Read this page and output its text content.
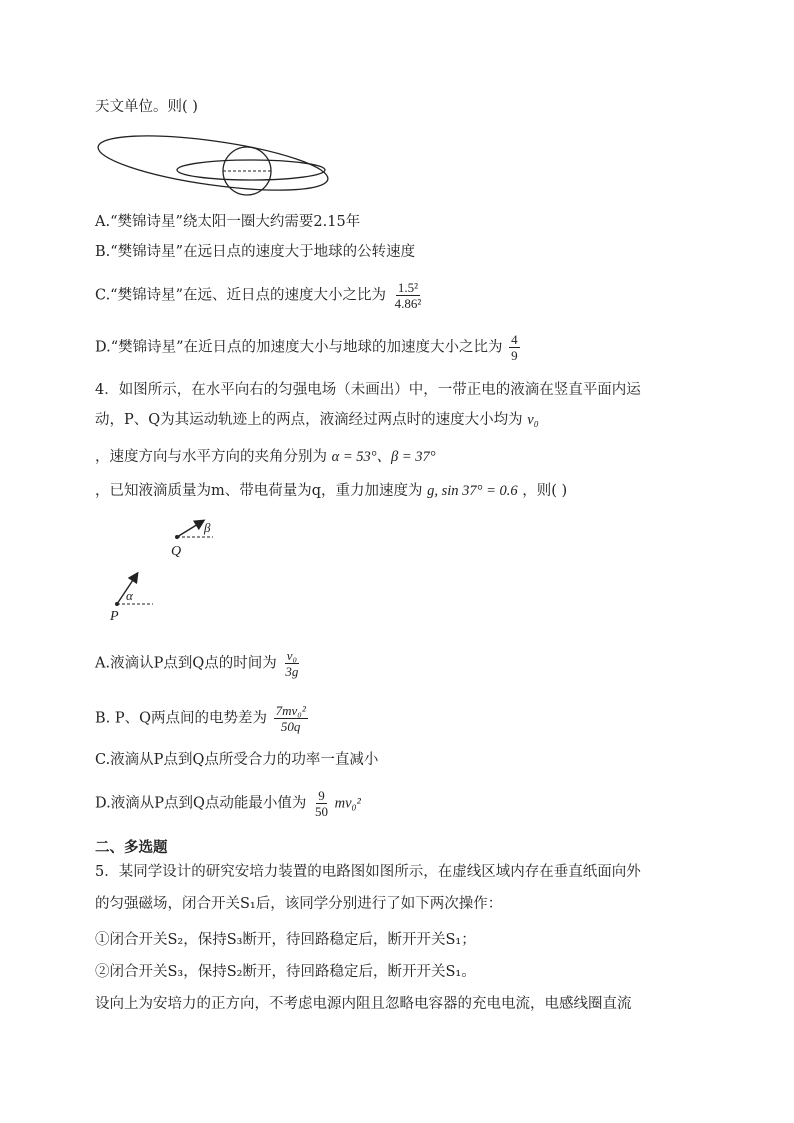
天文单位。则( )
A.“樊锦诗星”绕太阳一圈大约需要2.15年
B.“樊锦诗星”在远日点的速度大于地球的公转速度
C.“樊锦诗星”在远、近日点的速度大小之比为 $\frac{\text{1.5²}}{\text{4.86²}}$
D.“樊锦诗星”在近日点的加速度大小与地球的加速度大小之比为 $\frac{4}{9}$
4．如图所示，在水平向右的匀强电场（未画出）中，一带正电的液滴在竖直平面内运
动，P、Q为其运动轨迹上的两点，液滴经过两点时的速度大小均为 v₀
，速度方向与水平方向的夹角分别为 α = 53°、β = 37°
，已知液滴质量为m、带电荷量为q，重力加速度为 g, sin 37° = 0.6 ，则( )
Q
β
P
α
A.液滴认P点到Q点的时间为 $\frac{\text{v₀}}{3g}$
B. P、Q两点间的电势差为 $\frac{\text{7mv₀²}}{50q}$
C.液滴从P点到Q点所受合力的功率一直减小
D.液滴从P点到Q点动能最小值为 $\frac{9}{50} mv_0^2$
二、多选题
5．某同学设计的研究安培力装置的电路图如图所示，在虚线区域内存在垂直纸面向外
的匀强磁场，闭合开关S₁后，该同学分别进行了如下两次操作：
①闭合开关S₂，保持S₃断开，待回路稳定后，断开开关S₁；
②闭合开关S₃，保持S₂断开，待回路稳定后，断开开关S₁。
设向上为安培力的正方向，不考虑电源内阻且忽略电容器的充电电流，电感线圈直流
